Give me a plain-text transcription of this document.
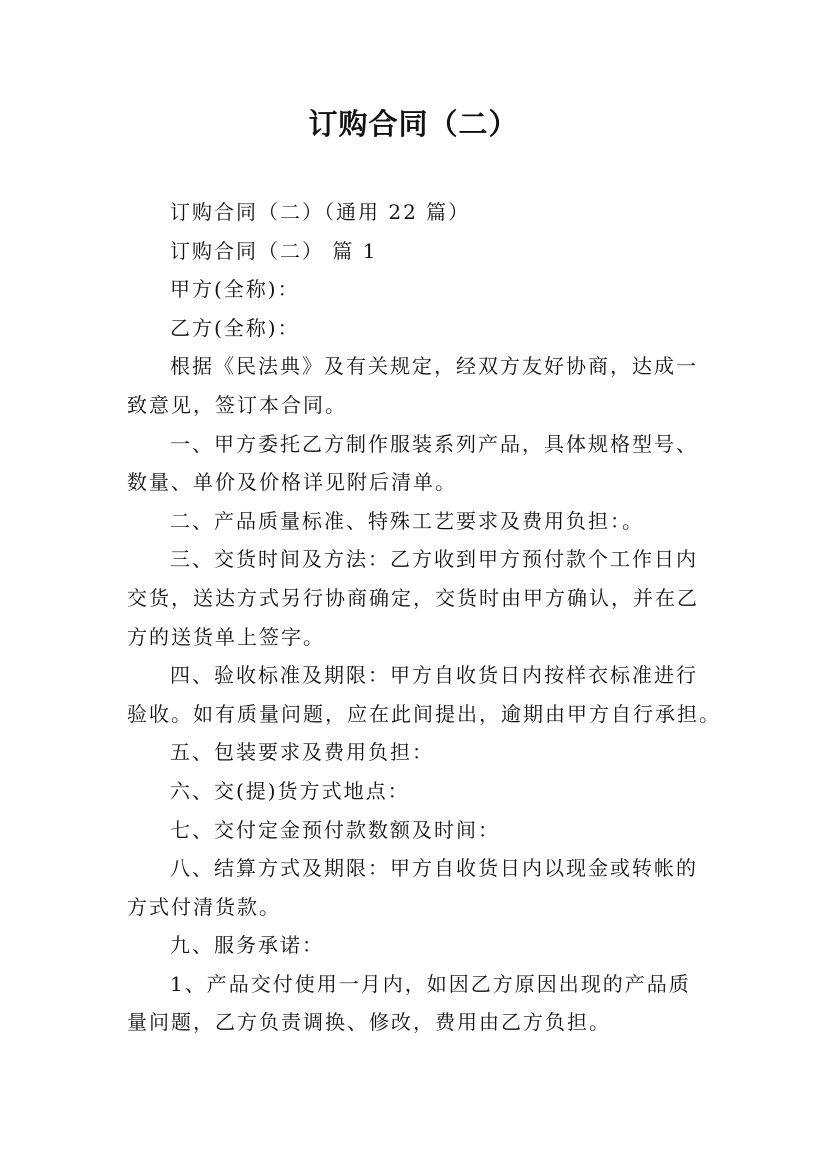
订购合同（二）
订购合同（二）（通用 22 篇）
订购合同（二） 篇 1
甲方(全称)：
乙方(全称)：
根据《民法典》及有关规定，经双方友好协商，达成一
致意见，签订本合同。
一、甲方委托乙方制作服装系列产品，具体规格型号、
数量、单价及价格详见附后清单。
二、产品质量标准、特殊工艺要求及费用负担：。
三、交货时间及方法：乙方收到甲方预付款个工作日内
交货，送达方式另行协商确定，交货时由甲方确认，并在乙
方的送货单上签字。
四、验收标准及期限：甲方自收货日内按样衣标准进行
验收。如有质量问题，应在此间提出，逾期由甲方自行承担。
五、包装要求及费用负担：
六、交(提)货方式地点：
七、交付定金预付款数额及时间：
八、结算方式及期限：甲方自收货日内以现金或转帐的
方式付清货款。
九、服务承诺：
1、产品交付使用一月内，如因乙方原因出现的产品质
量问题，乙方负责调换、修改，费用由乙方负担。
